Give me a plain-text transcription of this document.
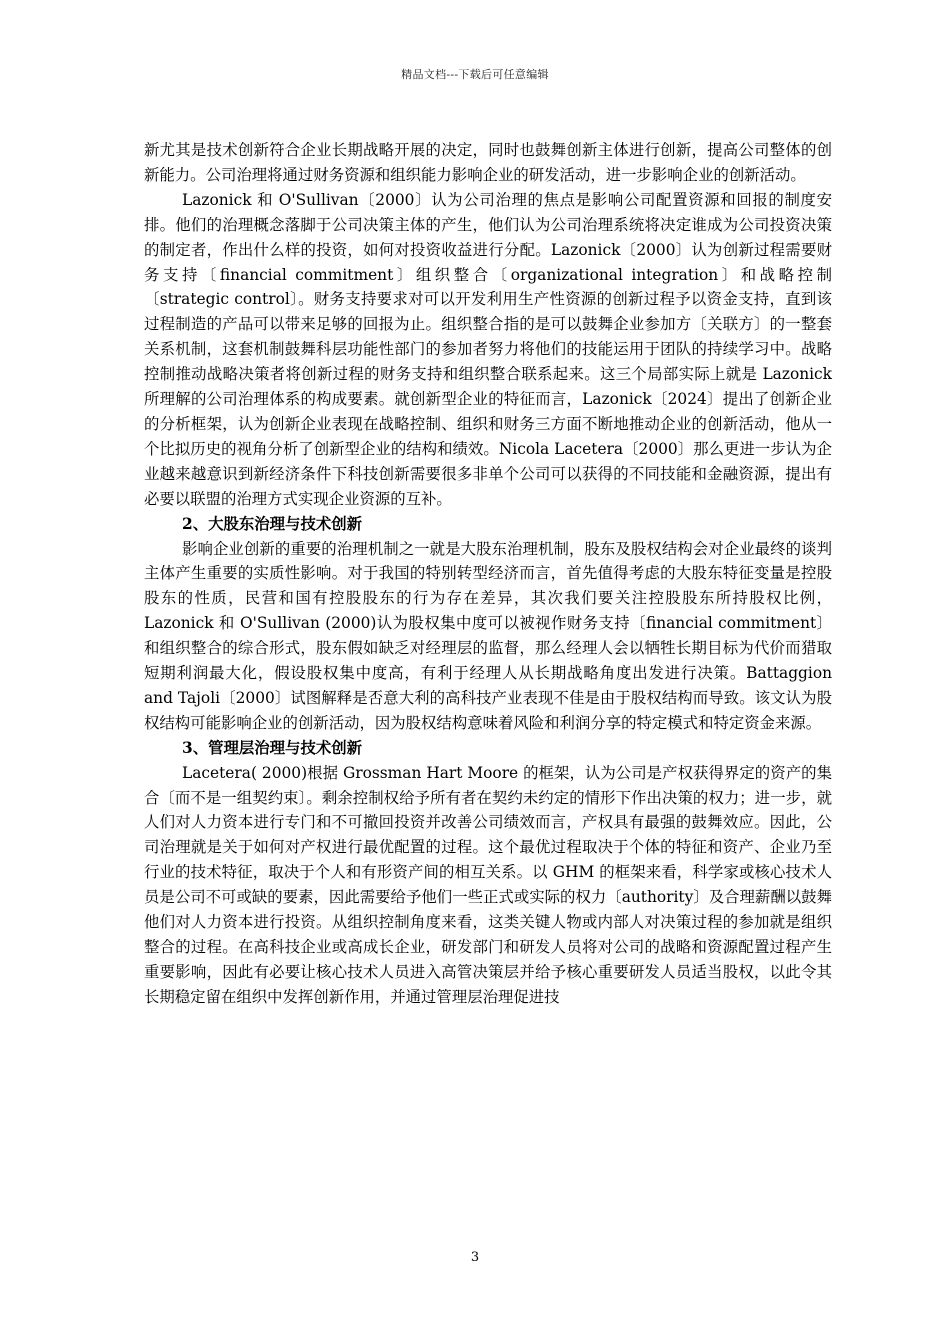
精品文档---下载后可任意编辑

新尤其是技术创新符合企业长期战略开展的决定，同时也鼓舞创新主体进行创新，提高公司整体的创新能力。公司治理将通过财务资源和组织能力影响企业的研发活动，进一步影响企业的创新活动。

Lazonick 和 O'Sullivan〔2000〕认为公司治理的焦点是影响公司配置资源和回报的制度安排。他们的治理概念落脚于公司决策主体的产生，他们认为公司治理系统将决定谁成为公司投资决策的制定者，作出什么样的投资，如何对投资收益进行分配。Lazonick〔2000〕认为创新过程需要财务支持〔financial commitment〕组织整合〔organizational integration〕和战略控制〔strategic control〕。财务支持要求对可以开发利用生产性资源的创新过程予以资金支持，直到该过程制造的产品可以带来足够的回报为止。组织整合指的是可以鼓舞企业参加方〔关联方〕的一整套关系机制，这套机制鼓舞科层功能性部门的参加者努力将他们的技能运用于团队的持续学习中。战略控制推动战略决策者将创新过程的财务支持和组织整合联系起来。这三个局部实际上就是 Lazonick 所理解的公司治理体系的构成要素。就创新型企业的特征而言，Lazonick〔2024〕提出了创新企业的分析框架，认为创新企业表现在战略控制、组织和财务三方面不断地推动企业的创新活动，他从一个比拟历史的视角分析了创新型企业的结构和绩效。Nicola Lacetera〔2000〕那么更进一步认为企业越来越意识到新经济条件下科技创新需要很多非单个公司可以获得的不同技能和金融资源，提出有必要以联盟的治理方式实现企业资源的互补。

2、大股东治理与技术创新

影响企业创新的重要的治理机制之一就是大股东治理机制，股东及股权结构会对企业最终的谈判主体产生重要的实质性影响。对于我国的特别转型经济而言，首先值得考虑的大股东特征变量是控股股东的性质，民营和国有控股股东的行为存在差异，其次我们要关注控股股东所持股权比例，Lazonick 和 O'Sullivan (2000)认为股权集中度可以被视作财务支持〔financial commitment〕和组织整合的综合形式，股东假如缺乏对经理层的监督，那么经理人会以牺牲长期目标为代价而猎取短期利润最大化，假设股权集中度高，有利于经理人从长期战略角度出发进行决策。Battaggion and Tajoli〔2000〕试图解释是否意大利的高科技产业表现不佳是由于股权结构而导致。该文认为股权结构可能影响企业的创新活动，因为股权结构意味着风险和利润分享的特定模式和特定资金来源。

3、管理层治理与技术创新

Lacetera( 2000)根据 Grossman Hart Moore 的框架，认为公司是产权获得界定的资产的集合〔而不是一组契约束〕。剩余控制权给予所有者在契约未约定的情形下作出决策的权力；进一步，就人们对人力资本进行专门和不可撤回投资并改善公司绩效而言，产权具有最强的鼓舞效应。因此，公司治理就是关于如何对产权进行最优配置的过程。这个最优过程取决于个体的特征和资产、企业乃至行业的技术特征，取决于个人和有形资产间的相互关系。以 GHM 的框架来看，科学家或核心技术人员是公司不可或缺的要素，因此需要给予他们一些正式或实际的权力〔authority〕及合理薪酬以鼓舞他们对人力资本进行投资。从组织控制角度来看，这类关键人物或内部人对决策过程的参加就是组织整合的过程。在高科技企业或高成长企业，研发部门和研发人员将对公司的战略和资源配置过程产生重要影响，因此有必要让核心技术人员进入高管决策层并给予核心重要研发人员适当股权，以此令其长期稳定留在组织中发挥创新作用，并通过管理层治理促进技

3
